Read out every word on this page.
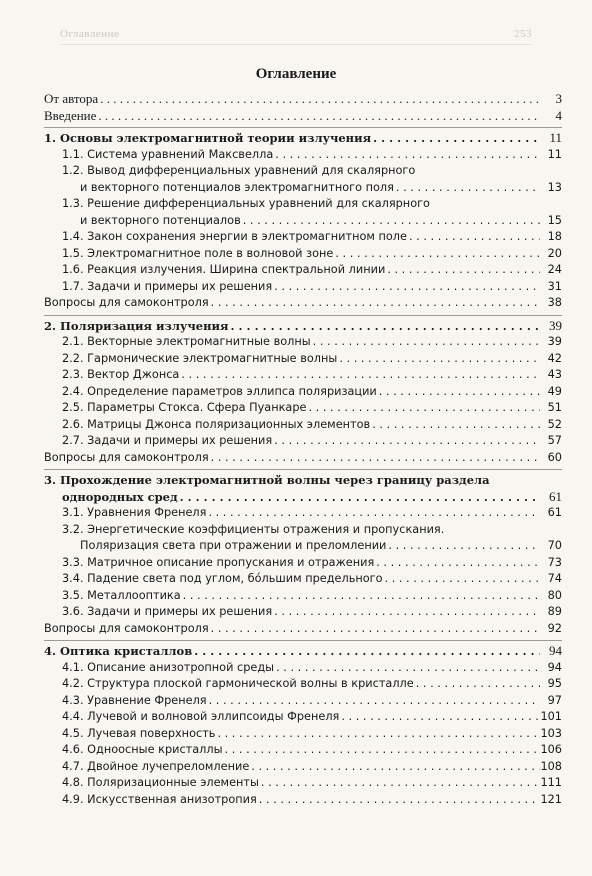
Оглавление	253
Оглавление
От автора . . .	3
Введение . . .	4
1. Основы электромагнитной теории излучения . . .	11
1.1. Система уравнений Максвелла . . .	11
1.2. Вывод дифференциальных уравнений для скалярного
и векторного потенциалов электромагнитного поля . . .	13
1.3. Решение дифференциальных уравнений для скалярного
и векторного потенциалов . . .	15
1.4. Закон сохранения энергии в электромагнитном поле . . .	18
1.5. Электромагнитное поле в волновой зоне . . .	20
1.6. Реакция излучения. Ширина спектральной линии . . .	24
1.7. Задачи и примеры их решения . . .	31
Вопросы для самоконтроля . . .	38
2. Поляризация излучения . . .	39
2.1. Векторные электромагнитные волны . . .	39
2.2. Гармонические электромагнитные волны . . .	42
2.3. Вектор Джонса . . .	43
2.4. Определение параметров эллипса поляризации . . .	49
2.5. Параметры Стокса. Сфера Пуанкаре . . .	51
2.6. Матрицы Джонса поляризационных элементов . . .	52
2.7. Задачи и примеры их решения . . .	57
Вопросы для самоконтроля . . .	60
3. Прохождение электромагнитной волны через границу раздела
однородных сред . . .	61
3.1. Уравнения Френеля . . .	61
3.2. Энергетические коэффициенты отражения и пропускания.
Поляризация света при отражении и преломлении . . .	70
3.3. Матричное описание пропускания и отражения . . .	73
3.4. Падение света под углом, бóльшим предельного . . .	74
3.5. Металлооптика . . .	80
3.6. Задачи и примеры их решения . . .	89
Вопросы для самоконтроля . . .	92
4. Оптика кристаллов . . .	94
4.1. Описание анизотропной среды . . .	94
4.2. Структура плоской гармонической волны в кристалле . . .	95
4.3. Уравнение Френеля . . .	97
4.4. Лучевой и волновой эллипсоиды Френеля . . .	101
4.5. Лучевая поверхность . . .	103
4.6. Одноосные кристаллы . . .	106
4.7. Двойное лучепреломление . . .	108
4.8. Поляризационные элементы . . .	111
4.9. Искусственная анизотропия . . .	121
